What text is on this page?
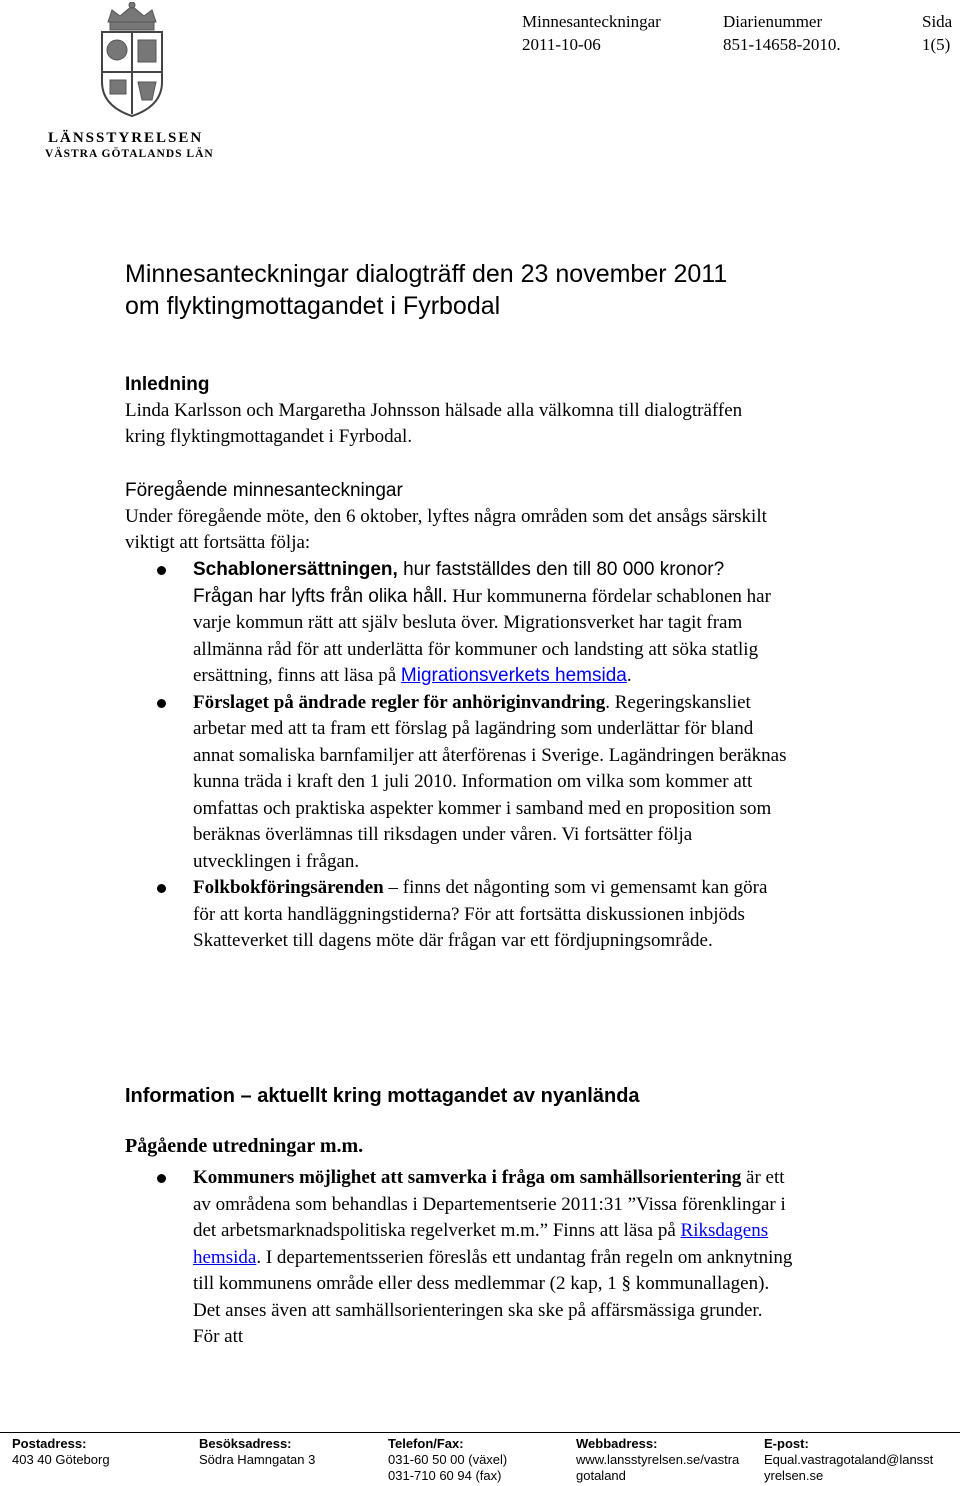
LÄNSSTYRELSEN
VÄSTRA GÖTALANDS LÄN
Minnesanteckningar
2011-10-06
Diarienummer
851-14658-2010.
Sida
1(5)
Minnesanteckningar dialogträff den 23 november 2011
om flyktingmottagandet i Fyrbodal
Inledning

Linda Karlsson och Margaretha Johnsson hälsade alla välkomna till dialogträffen kring flyktingmottagandet i Fyrbodal.

Föregående minnesanteckningar

Under föregående möte, den 6 oktober, lyftes några områden som det ansågs särskilt viktigt att fortsätta följa:

Schablonersättningen, hur fastställdes den till 80 000 kronor? Frågan har lyfts från olika håll. Hur kommunerna fördelar schablonen har varje kommun rätt att själv besluta över. Migrationsverket har tagit fram allmänna råd för att underlätta för kommuner och landsting att söka statlig ersättning, finns att läsa på Migrationsverkets hemsida.
Förslaget på ändrade regler för anhöriginvandring. Regeringskansliet arbetar med att ta fram ett förslag på lagändring som underlättar för bland annat somaliska barnfamiljer att återförenas i Sverige. Lagändringen beräknas kunna träda i kraft den 1 juli 2010. Information om vilka som kommer att omfattas och praktiska aspekter kommer i samband med en proposition som beräknas överlämnas till riksdagen under våren. Vi fortsätter följa utvecklingen i frågan.
Folkbokföringsärenden – finns det någonting som vi gemensamt kan göra för att korta handläggningstiderna? För att fortsätta diskussionen inbjöds Skatteverket till dagens möte där frågan var ett fördjupningsområde.
Information – aktuellt kring mottagandet av nyanlända
Pågående utredningar m.m.
Kommuners möjlighet att samverka i fråga om samhällsorientering är ett av områdena som behandlas i Departementserie 2011:31 ”Vissa förenklingar i det arbetsmarknadspolitiska regelverket m.m.” Finns att läsa på Riksdagens hemsida. I departementsserien föreslås ett undantag från regeln om anknytning till kommunens område eller dess medlemmar (2 kap, 1 § kommunallagen). Det anses även att samhällsorienteringen ska ske på affärsmässiga grunder. För att
Postadress:
403 40 Göteborg
Besöksadress:
Södra Hamngatan 3
Telefon/Fax:
031-60 50 00 (växel)
031-710 60 94 (fax)
Webbadress:
www.lansstyrelsen.se/vastra
gotaland
E-post:
Equal.vastragotaland@lansst
yrelsen.se
